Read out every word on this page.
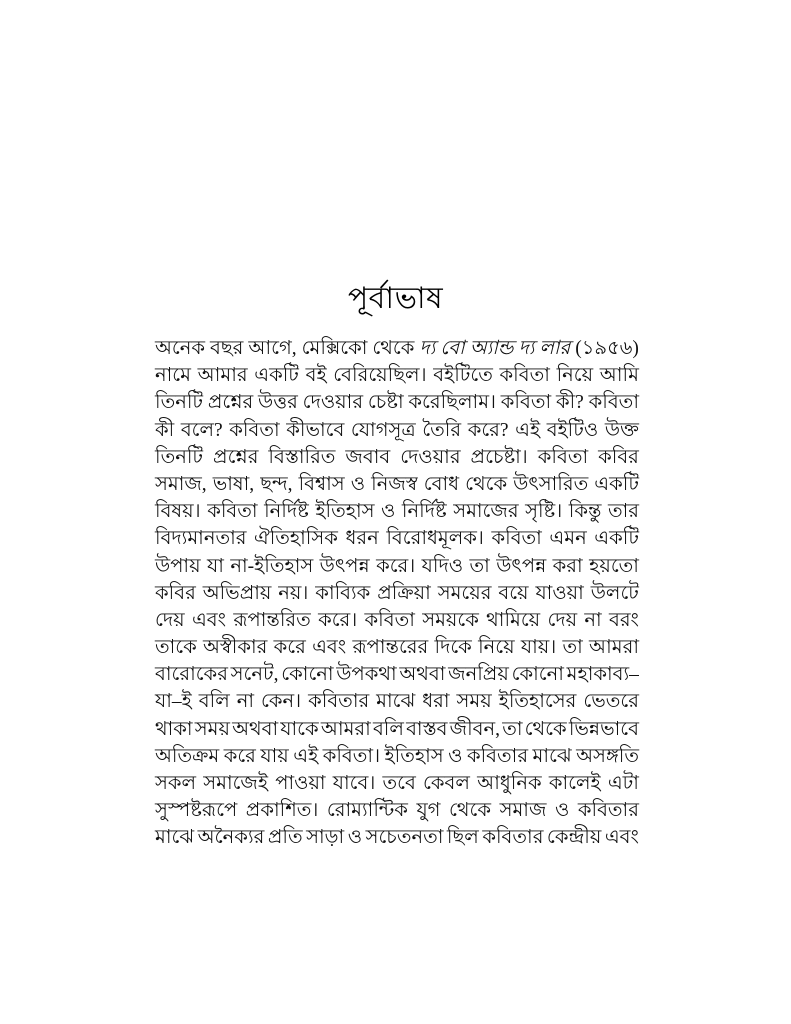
পূর্বাভাষ
অনেক বছর আগে, মেক্সিকো থেকে দ্য বো অ্যান্ড দ্য লার (১৯৫৬)
নামে আমার একটি বই বেরিয়েছিল। বইটিতে কবিতা নিয়ে আমি
তিনটি প্রশ্নের উত্তর দেওয়ার চেষ্টা করেছিলাম। কবিতা কী? কবিতা
কী বলে? কবিতা কীভাবে যোগসূত্র তৈরি করে? এই বইটিও উক্ত
তিনটি প্রশ্নের বিস্তারিত জবাব দেওয়ার প্রচেষ্টা। কবিতা কবির
সমাজ, ভাষা, ছন্দ, বিশ্বাস ও নিজস্ব বোধ থেকে উৎসারিত একটি
বিষয়। কবিতা নির্দিষ্ট ইতিহাস ও নির্দিষ্ট সমাজের সৃষ্টি। কিন্তু তার
বিদ্যমানতার ঐতিহাসিক ধরন বিরোধমূলক। কবিতা এমন একটি
উপায় যা না-ইতিহাস উৎপন্ন করে। যদিও তা উৎপন্ন করা হয়তো
কবির অভিপ্রায় নয়। কাব্যিক প্রক্রিয়া সময়ের বয়ে যাওয়া উলটে
দেয় এবং রূপান্তরিত করে। কবিতা সময়কে থামিয়ে দেয় না বরং
তাকে অস্বীকার করে এবং রূপান্তরের দিকে নিয়ে যায়। তা আমরা
বারোকের সনেট, কোনো উপকথা অথবা জনপ্রিয় কোনো মহাকাব্য–
যা–ই বলি না কেন। কবিতার মাঝে ধরা সময় ইতিহাসের ভেতরে
থাকা সময় অথবা যাকে আমরা বলি বাস্তব জীবন, তা থেকে ভিন্নভাবে
অতিক্রম করে যায় এই কবিতা। ইতিহাস ও কবিতার মাঝে অসঙ্গতি
সকল সমাজেই পাওয়া যাবে। তবে কেবল আধুনিক কালেই এটা
সুস্পষ্টরূপে প্রকাশিত। রোম্যান্টিক যুগ থেকে সমাজ ও কবিতার
মাঝে অনৈক্যর প্রতি সাড়া ও সচেতনতা ছিল কবিতার কেন্দ্রীয় এবং
